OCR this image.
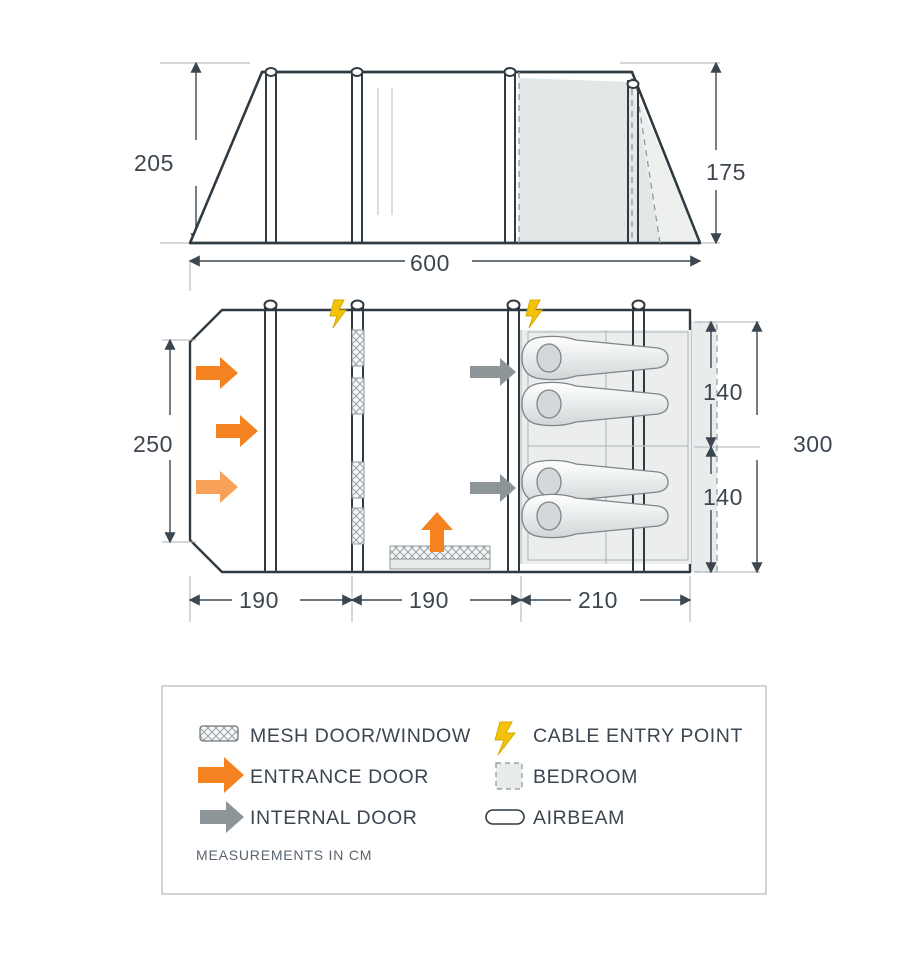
205	175
600
250
140
140
300
190	190	210
MESH DOOR/WINDOW	CABLE ENTRY POINT
ENTRANCE DOOR	BEDROOM
INTERNAL DOOR	AIRBEAM
MEASUREMENTS IN CM
